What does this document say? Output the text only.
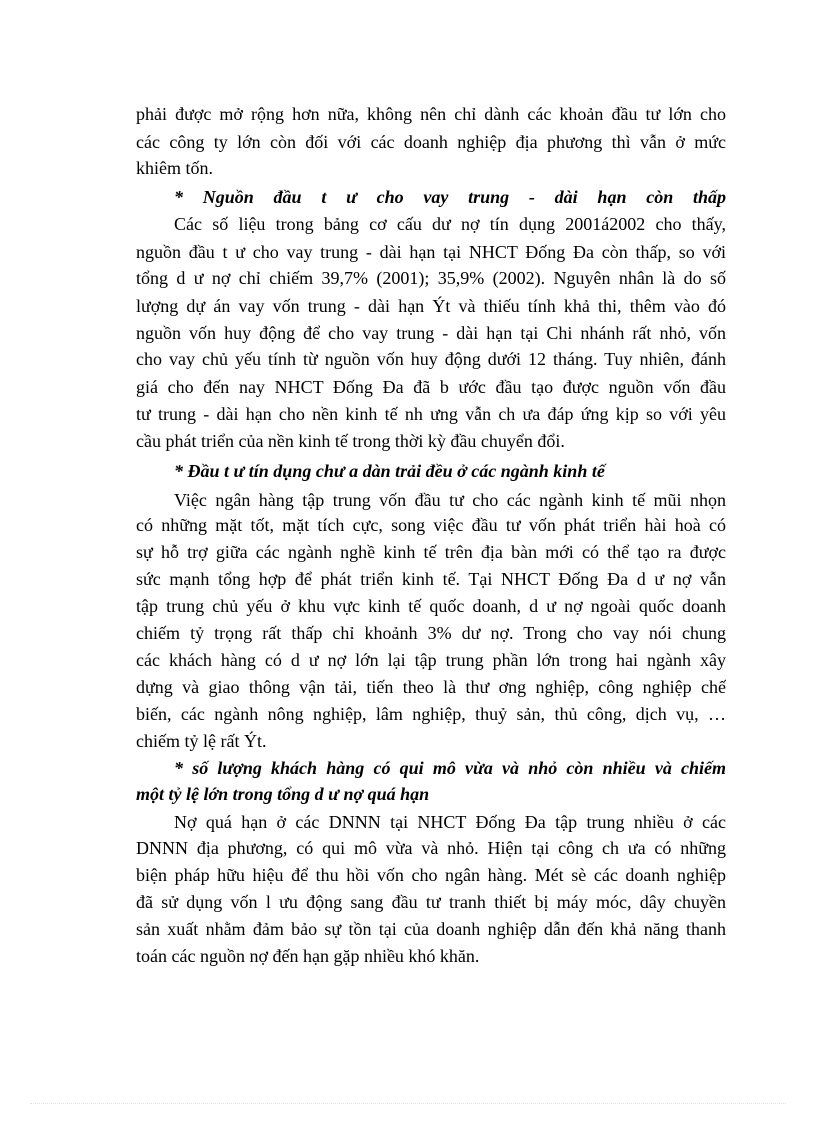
phải được mở rộng hơn nữa, không nên chỉ dành các khoản đầu tư lớn cho
các công ty lớn còn đối với các doanh nghiệp địa phương thì vẫn ở mức
khiêm tốn.
* Nguồn đầu t ư cho vay trung - dài hạn còn thấp
Các số liệu trong bảng cơ cấu dư nợ tín dụng 2001á2002 cho thấy,
nguồn đầu t ư cho vay trung - dài hạn tại NHCT Đống Đa còn thấp, so với
tổng d ư nợ chỉ chiếm 39,7% (2001); 35,9% (2002). Nguyên nhân là do số
lượng dự án vay vốn trung - dài hạn Ýt và thiếu tính khả thi, thêm vào đó
nguồn vốn huy động để cho vay trung - dài hạn tại Chi nhánh rất nhỏ, vốn
cho vay chủ yếu tính từ nguồn vốn huy động dưới 12 tháng. Tuy nhiên, đánh
giá cho đến nay NHCT Đống Đa đã b ước đầu tạo được nguồn vốn đầu
tư trung - dài hạn cho nền kinh tế nh ưng vẫn ch ưa đáp ứng kịp so với yêu
cầu phát triển của nền kinh tế trong thời kỳ đầu chuyển đổi.
* Đầu t ư tín dụng chư a dàn trải đều ở các ngành kinh tế
Việc ngân hàng tập trung vốn đầu tư cho các ngành kinh tế mũi nhọn
có những mặt tốt, mặt tích cực, song việc đầu tư vốn phát triển hài hoà có
sự hỗ trợ giữa các ngành nghề kinh tế trên địa bàn mới có thể tạo ra được
sức mạnh tổng hợp để phát triển kinh tế. Tại NHCT Đống Đa d ư nợ vẫn
tập trung chủ yếu ở khu vực kinh tế quốc doanh, d ư nợ ngoài quốc doanh
chiếm tỷ trọng rất thấp chỉ khoảnh 3% dư nợ. Trong cho vay nói chung
các khách hàng có d ư nợ lớn lại tập trung phần lớn trong hai ngành xây
dựng và giao thông vận tải, tiến theo là thư ơng nghiệp, công nghiệp chế
biến, các ngành nông nghiệp, lâm nghiệp, thuỷ sản, thủ công, dịch vụ, …
chiếm tỷ lệ rất Ýt.
* số lượng khách hàng có qui mô vừa và nhỏ còn nhiều và chiếm
một tỷ lệ lớn trong tổng d ư nợ quá hạn
Nợ quá hạn ở các DNNN tại NHCT Đống Đa tập trung nhiều ở các
DNNN địa phương, có qui mô vừa và nhỏ. Hiện tại công ch ưa có những
biện pháp hữu hiệu để thu hồi vốn cho ngân hàng. Mét sè các doanh nghiệp
đã sử dụng vốn l ưu động sang đầu tư tranh thiết bị máy móc, dây chuyền
sản xuất nhằm đảm bảo sự tồn tại của doanh nghiệp dẫn đến khả năng thanh
toán các nguồn nợ đến hạn gặp nhiều khó khăn.
